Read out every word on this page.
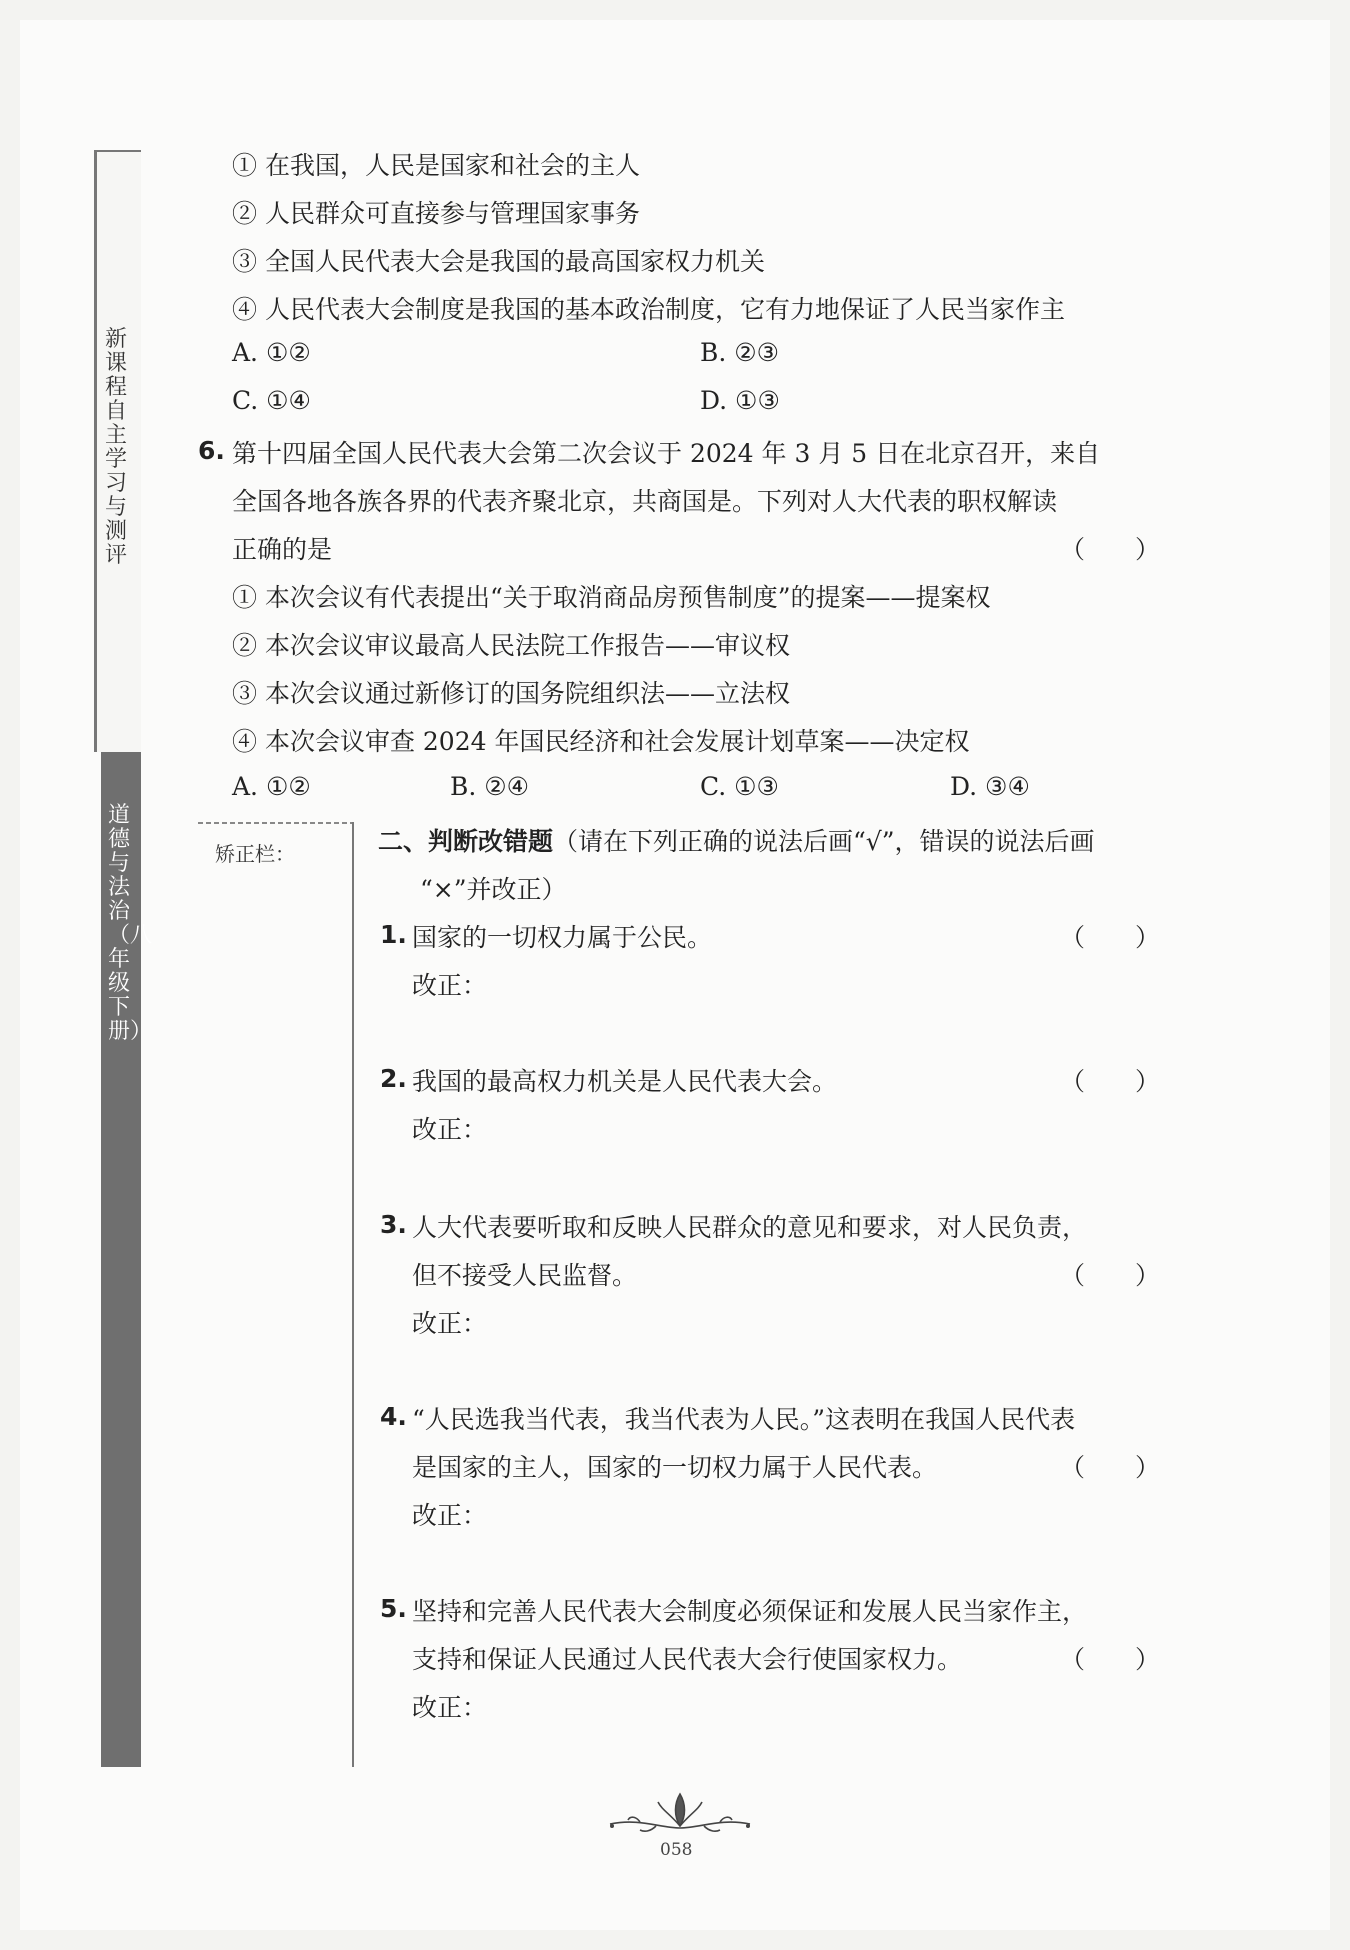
新课程自主学习与测评
道德与法治（八年级下册）
矫正栏：
① 在我国，人民是国家和社会的主人
② 人民群众可直接参与管理国家事务
③ 全国人民代表大会是我国的最高国家权力机关
④ 人民代表大会制度是我国的基本政治制度，它有力地保证了人民当家作主
A. ①②	B. ②③
C. ①④	D. ①③
6. 第十四届全国人民代表大会第二次会议于 2024 年 3 月 5 日在北京召开，来自
全国各地各族各界的代表齐聚北京，共商国是。下列对人大代表的职权解读
正确的是	（　　）
① 本次会议有代表提出“关于取消商品房预售制度”的提案——提案权
② 本次会议审议最高人民法院工作报告——审议权
③ 本次会议通过新修订的国务院组织法——立法权
④ 本次会议审查 2024 年国民经济和社会发展计划草案——决定权
A. ①②	B. ②④	C. ①③	D. ③④
二、判断改错题（请在下列正确的说法后画“√”，错误的说法后画
“×”并改正）
1. 国家的一切权力属于公民。	（　　）
改正：
2. 我国的最高权力机关是人民代表大会。	（　　）
改正：
3. 人大代表要听取和反映人民群众的意见和要求，对人民负责，
但不接受人民监督。	（　　）
改正：
4. “人民选我当代表，我当代表为人民。”这表明在我国人民代表
是国家的主人，国家的一切权力属于人民代表。	（　　）
改正：
5. 坚持和完善人民代表大会制度必须保证和发展人民当家作主，
支持和保证人民通过人民代表大会行使国家权力。	（　　）
改正：
058
